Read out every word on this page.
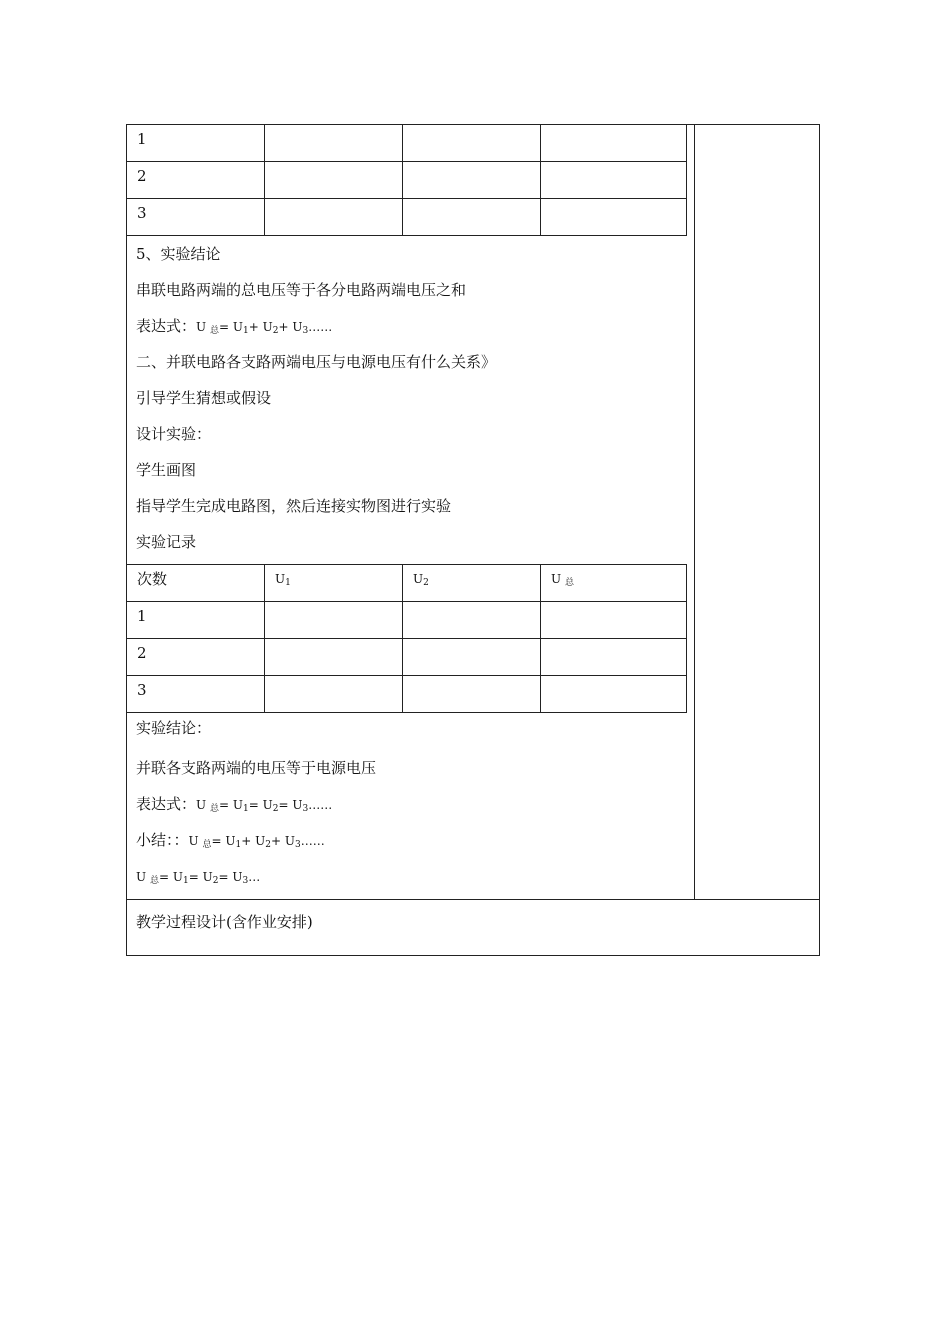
1			
2			
3			
5、实验结论
串联电路两端的总电压等于各分电路两端电压之和
表达式：U $_总= U_1+ U_2+$ $U_3\dots\dots$
二、并联电路各支路两端电压与电源电压有什么关系》
引导学生猜想或假设
设计实验：
学生画图
指导学生完成电路图，然后连接实物图进行实验
实验记录
次数	$U_1$	$U_2$	U $_总$
1			
2			
3			
实验结论：
并联各支路两端的电压等于电源电压
表达式：U $_总= U_1= U_2=$ $U_3\dots\dots$
小结：：U $_总= U_1+ U_2+$ $U_3\dots\dots$
U $_总= U_1= U_2=$ $U_3\dots$
教学过程设计(含作业安排)
